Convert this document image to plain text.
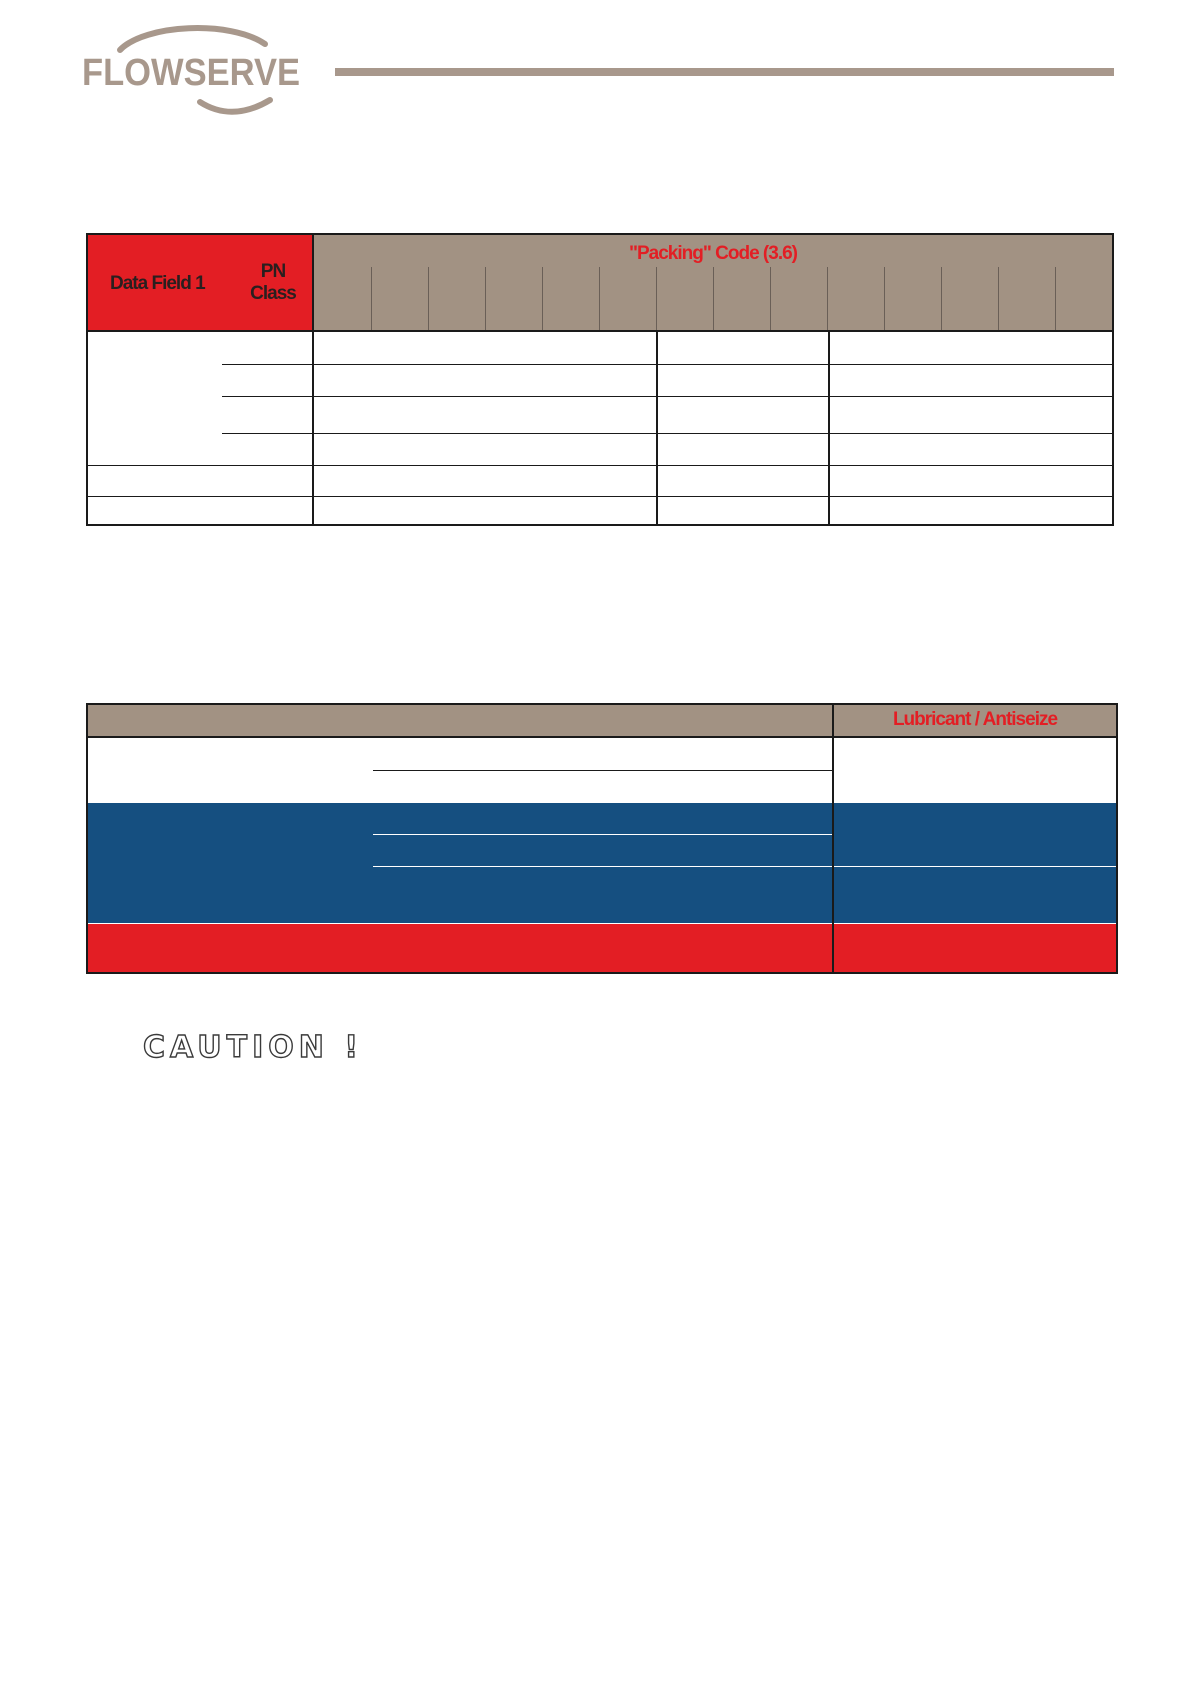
FLOWSERVE
Data Field 1
PN
Class
"Packing" Code (3.6)
Lubricant / Antiseize
CAUTION !
